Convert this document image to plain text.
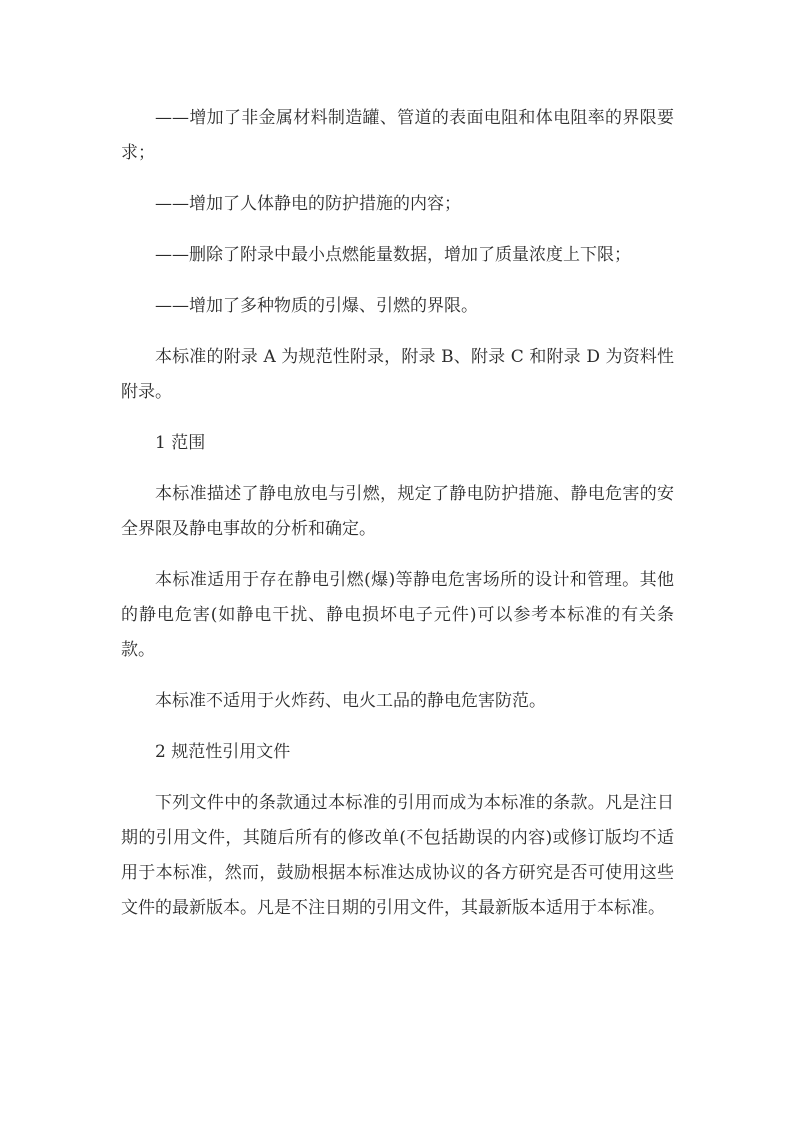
——增加了非金属材料制造罐、管道的表面电阻和体电阻率的界限要求；

——增加了人体静电的防护措施的内容；

——删除了附录中最小点燃能量数据，增加了质量浓度上下限；

——增加了多种物质的引爆、引燃的界限。

本标准的附录 A 为规范性附录，附录 B、附录 C 和附录 D 为资料性附录。

1 范围

本标准描述了静电放电与引燃，规定了静电防护措施、静电危害的安全界限及静电事故的分析和确定。

本标准适用于存在静电引燃(爆)等静电危害场所的设计和管理。其他的静电危害(如静电干扰、静电损坏电子元件)可以参考本标准的有关条款。

本标准不适用于火炸药、电火工品的静电危害防范。

2 规范性引用文件

下列文件中的条款通过本标准的引用而成为本标准的条款。凡是注日期的引用文件，其随后所有的修改单(不包括勘误的内容)或修订版均不适用于本标准，然而，鼓励根据本标准达成协议的各方研究是否可使用这些文件的最新版本。凡是不注日期的引用文件，其最新版本适用于本标准。
